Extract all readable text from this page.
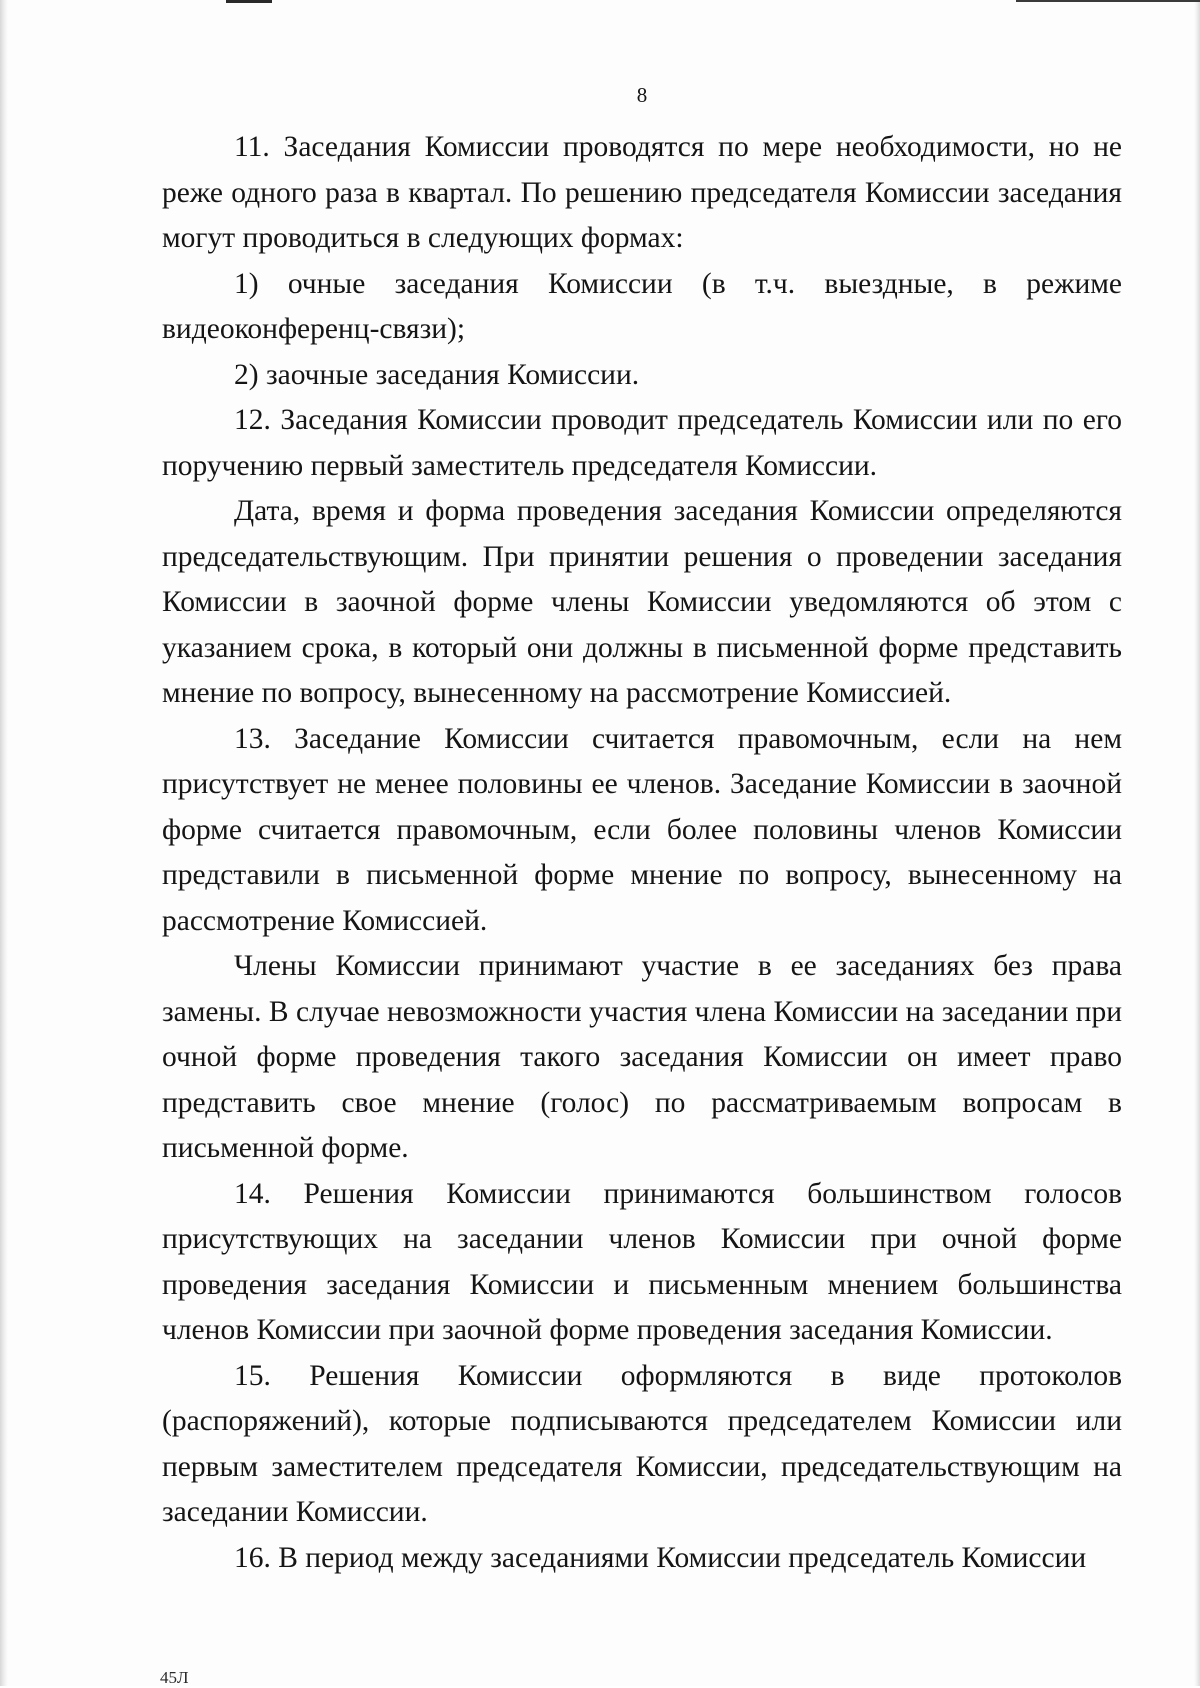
8

11. Заседания Комиссии проводятся по мере необходимости, но не реже одного раза в квартал. По решению председателя Комиссии заседания могут проводиться в следующих формах:

1) очные заседания Комиссии (в т.ч. выездные, в режиме видеоконференц-связи);

2) заочные заседания Комиссии.

12. Заседания Комиссии проводит председатель Комиссии или по его поручению первый заместитель председателя Комиссии.

Дата, время и форма проведения заседания Комиссии определяются председательствующим. При принятии решения о проведении заседания Комиссии в заочной форме члены Комиссии уведомляются об этом с указанием срока, в который они должны в письменной форме представить мнение по вопросу, вынесенному на рассмотрение Комиссией.

13. Заседание Комиссии считается правомочным, если на нем присутствует не менее половины ее членов. Заседание Комиссии в заочной форме считается правомочным, если более половины членов Комиссии представили в письменной форме мнение по вопросу, вынесенному на рассмотрение Комиссией.

Члены Комиссии принимают участие в ее заседаниях без права замены. В случае невозможности участия члена Комиссии на заседании при очной форме проведения такого заседания Комиссии он имеет право представить свое мнение (голос) по рассматриваемым вопросам в письменной форме.

14. Решения Комиссии принимаются большинством голосов присутствующих на заседании членов Комиссии при очной форме проведения заседания Комиссии и письменным мнением большинства членов Комиссии при заочной форме проведения заседания Комиссии.

15. Решения Комиссии оформляются в виде протоколов (распоряжений), которые подписываются председателем Комиссии или первым заместителем председателя Комиссии, председательствующим на заседании Комиссии.

16. В период между заседаниями Комиссии председатель Комиссии

45Л
